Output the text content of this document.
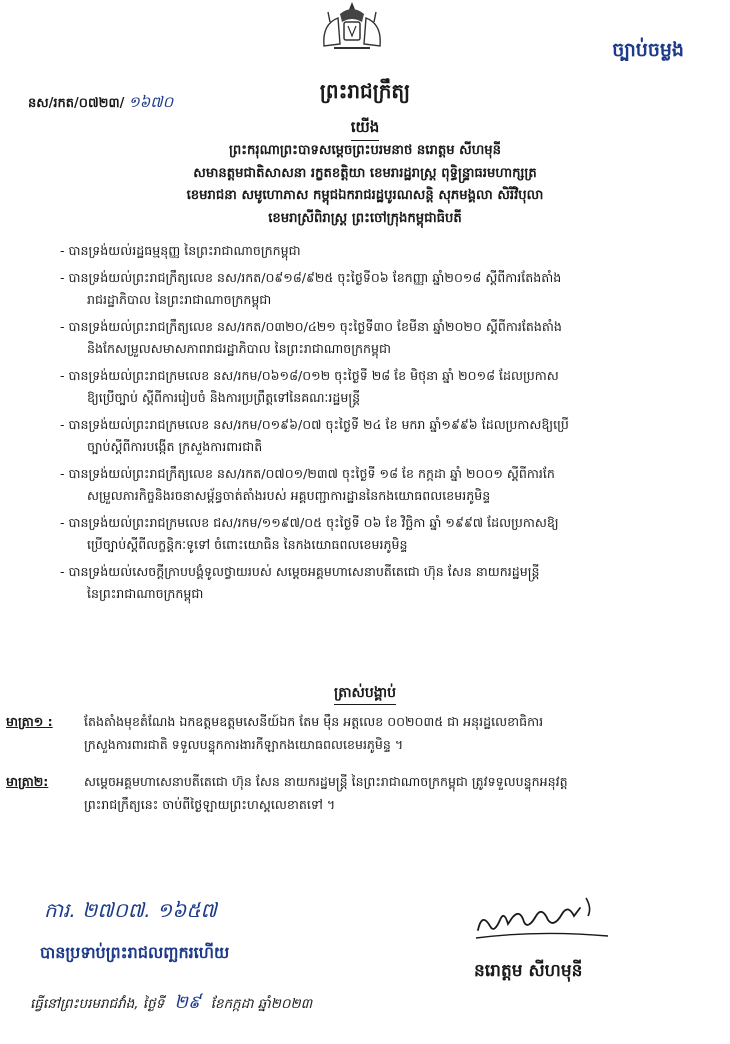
ច្បាប់ចម្លង
ព្រះរាជក្រឹត្យ
នស/រកត/០៧២៣/ ១៦៧០
យើង
ព្រះករុណាព្រះបាទសម្តេចព្រះបរមនាថ នរោត្តម សីហមុនី
សមានត្តមជាតិសាសនា រក្ខតខត្តិយា ខេមរារដ្ឋរាស្ត្រ ពុទ្ធិន្ទ្រាធរមហាក្សត្រ
ខេមរាជនា សមូហោភាស កម្ពុជឯករាជរដ្ឋបូរណសន្តិ សុភមង្គលា សិរីវិបុលា
ខេមរាស្រីពិរាស្ត្រ ព្រះចៅក្រុងកម្ពុជាធិបតី
- បានទ្រង់យល់រដ្ឋធម្មនុញ្ញ នៃព្រះរាជាណាចក្រកម្ពុជា
- បានទ្រង់យល់ព្រះរាជក្រឹត្យលេខ នស/រកត/០៩១៨/៩២៥ ចុះថ្ងៃទី០៦ ខែកញ្ញា ឆ្នាំ២០១៨ ស្តីពីការតែងតាំង
រាជរដ្ឋាភិបាល នៃព្រះរាជាណាចក្រកម្ពុជា
- បានទ្រង់យល់ព្រះរាជក្រឹត្យលេខ នស/រកត/០៣២០/៤២១ ចុះថ្ងៃទី៣០ ខែមីនា ឆ្នាំ២០២០ ស្តីពីការតែងតាំង
និងកែសម្រួលសមាសភាពរាជរដ្ឋាភិបាល នៃព្រះរាជាណាចក្រកម្ពុជា
- បានទ្រង់យល់ព្រះរាជក្រមលេខ នស/រកម/០៦១៨/០១២ ចុះថ្ងៃទី ២៨ ខែ មិថុនា ឆ្នាំ ២០១៨ ដែលប្រកាស
ឱ្យប្រើច្បាប់ ស្តីពីការរៀបចំ និងការប្រព្រឹត្តទៅនៃគណៈរដ្ឋមន្ត្រី
- បានទ្រង់យល់ព្រះរាជក្រមលេខ នស/រកម/០១៩៦/០៧ ចុះថ្ងៃទី ២៤ ខែ មករា ឆ្នាំ១៩៩៦ ដែលប្រកាសឱ្យប្រើ
ច្បាប់ស្តីពីការបង្កើត ក្រសួងការពារជាតិ
- បានទ្រង់យល់ព្រះរាជក្រឹត្យលេខ នស/រកត/០៧០១/២៣៧ ចុះថ្ងៃទី ១៨ ខែ កក្កដា ឆ្នាំ ២០០១ ស្តីពីការកែ
សម្រួលភារកិច្ចនិងរចនាសម្ព័ន្ធចាត់តាំងរបស់ អគ្គបញ្ជាការដ្ឋាននៃកងយោធពលខេមរភូមិន្ទ
- បានទ្រង់យល់ព្រះរាជក្រមលេខ ជស/រកម/១១៩៧/០៥ ចុះថ្ងៃទី ០៦ ខែ វិច្ឆិកា ឆ្នាំ ១៩៩៧ ដែលប្រកាសឱ្យ
ប្រើច្បាប់ស្តីពីលក្ខន្តិកៈទូទៅ ចំពោះយោធិន នៃកងយោធពលខេមរភូមិន្ទ
- បានទ្រង់យល់សេចក្តីក្រាបបង្គំទូលថ្វាយរបស់ សម្តេចអគ្គមហាសេនាបតីតេជោ ហ៊ុន សែន នាយករដ្ឋមន្ត្រី
នៃព្រះរាជាណាចក្រកម្ពុជា
ត្រាស់បង្គាប់
មាត្រា១ : តែងតាំងមុខតំណែង ឯកឧត្តមឧត្តមសេនីយ៍ឯក តែម ម៉ឹន អត្តលេខ ០០២០៣៥ ជា អនុរដ្ឋលេខាធិការ
ក្រសួងការពារជាតិ ទទួលបន្ទុកការងារកីឡាកងយោធពលខេមរភូមិន្ទ ។
មាត្រា២:	សម្តេចអគ្គមហាសេនាបតីតេជោ ហ៊ុន សែន នាយករដ្ឋមន្ត្រី នៃព្រះរាជាណាចក្រកម្ពុជា ត្រូវទទួលបន្ទុកអនុវត្ត
ព្រះរាជក្រឹត្យនេះ ចាប់ពីថ្ងៃឡាយព្រះហស្តលេខាតទៅ ។
ការ. ២៧០៧. ១៦៥៧
បានប្រទាប់ព្រះរាជលញ្ឆករហើយ
ធ្វើនៅព្រះបរមរាជវាំង, ថ្ងៃទី ២៩ ខែកក្កដា ឆ្នាំ២០២៣
នរោត្តម សីហមុនី
